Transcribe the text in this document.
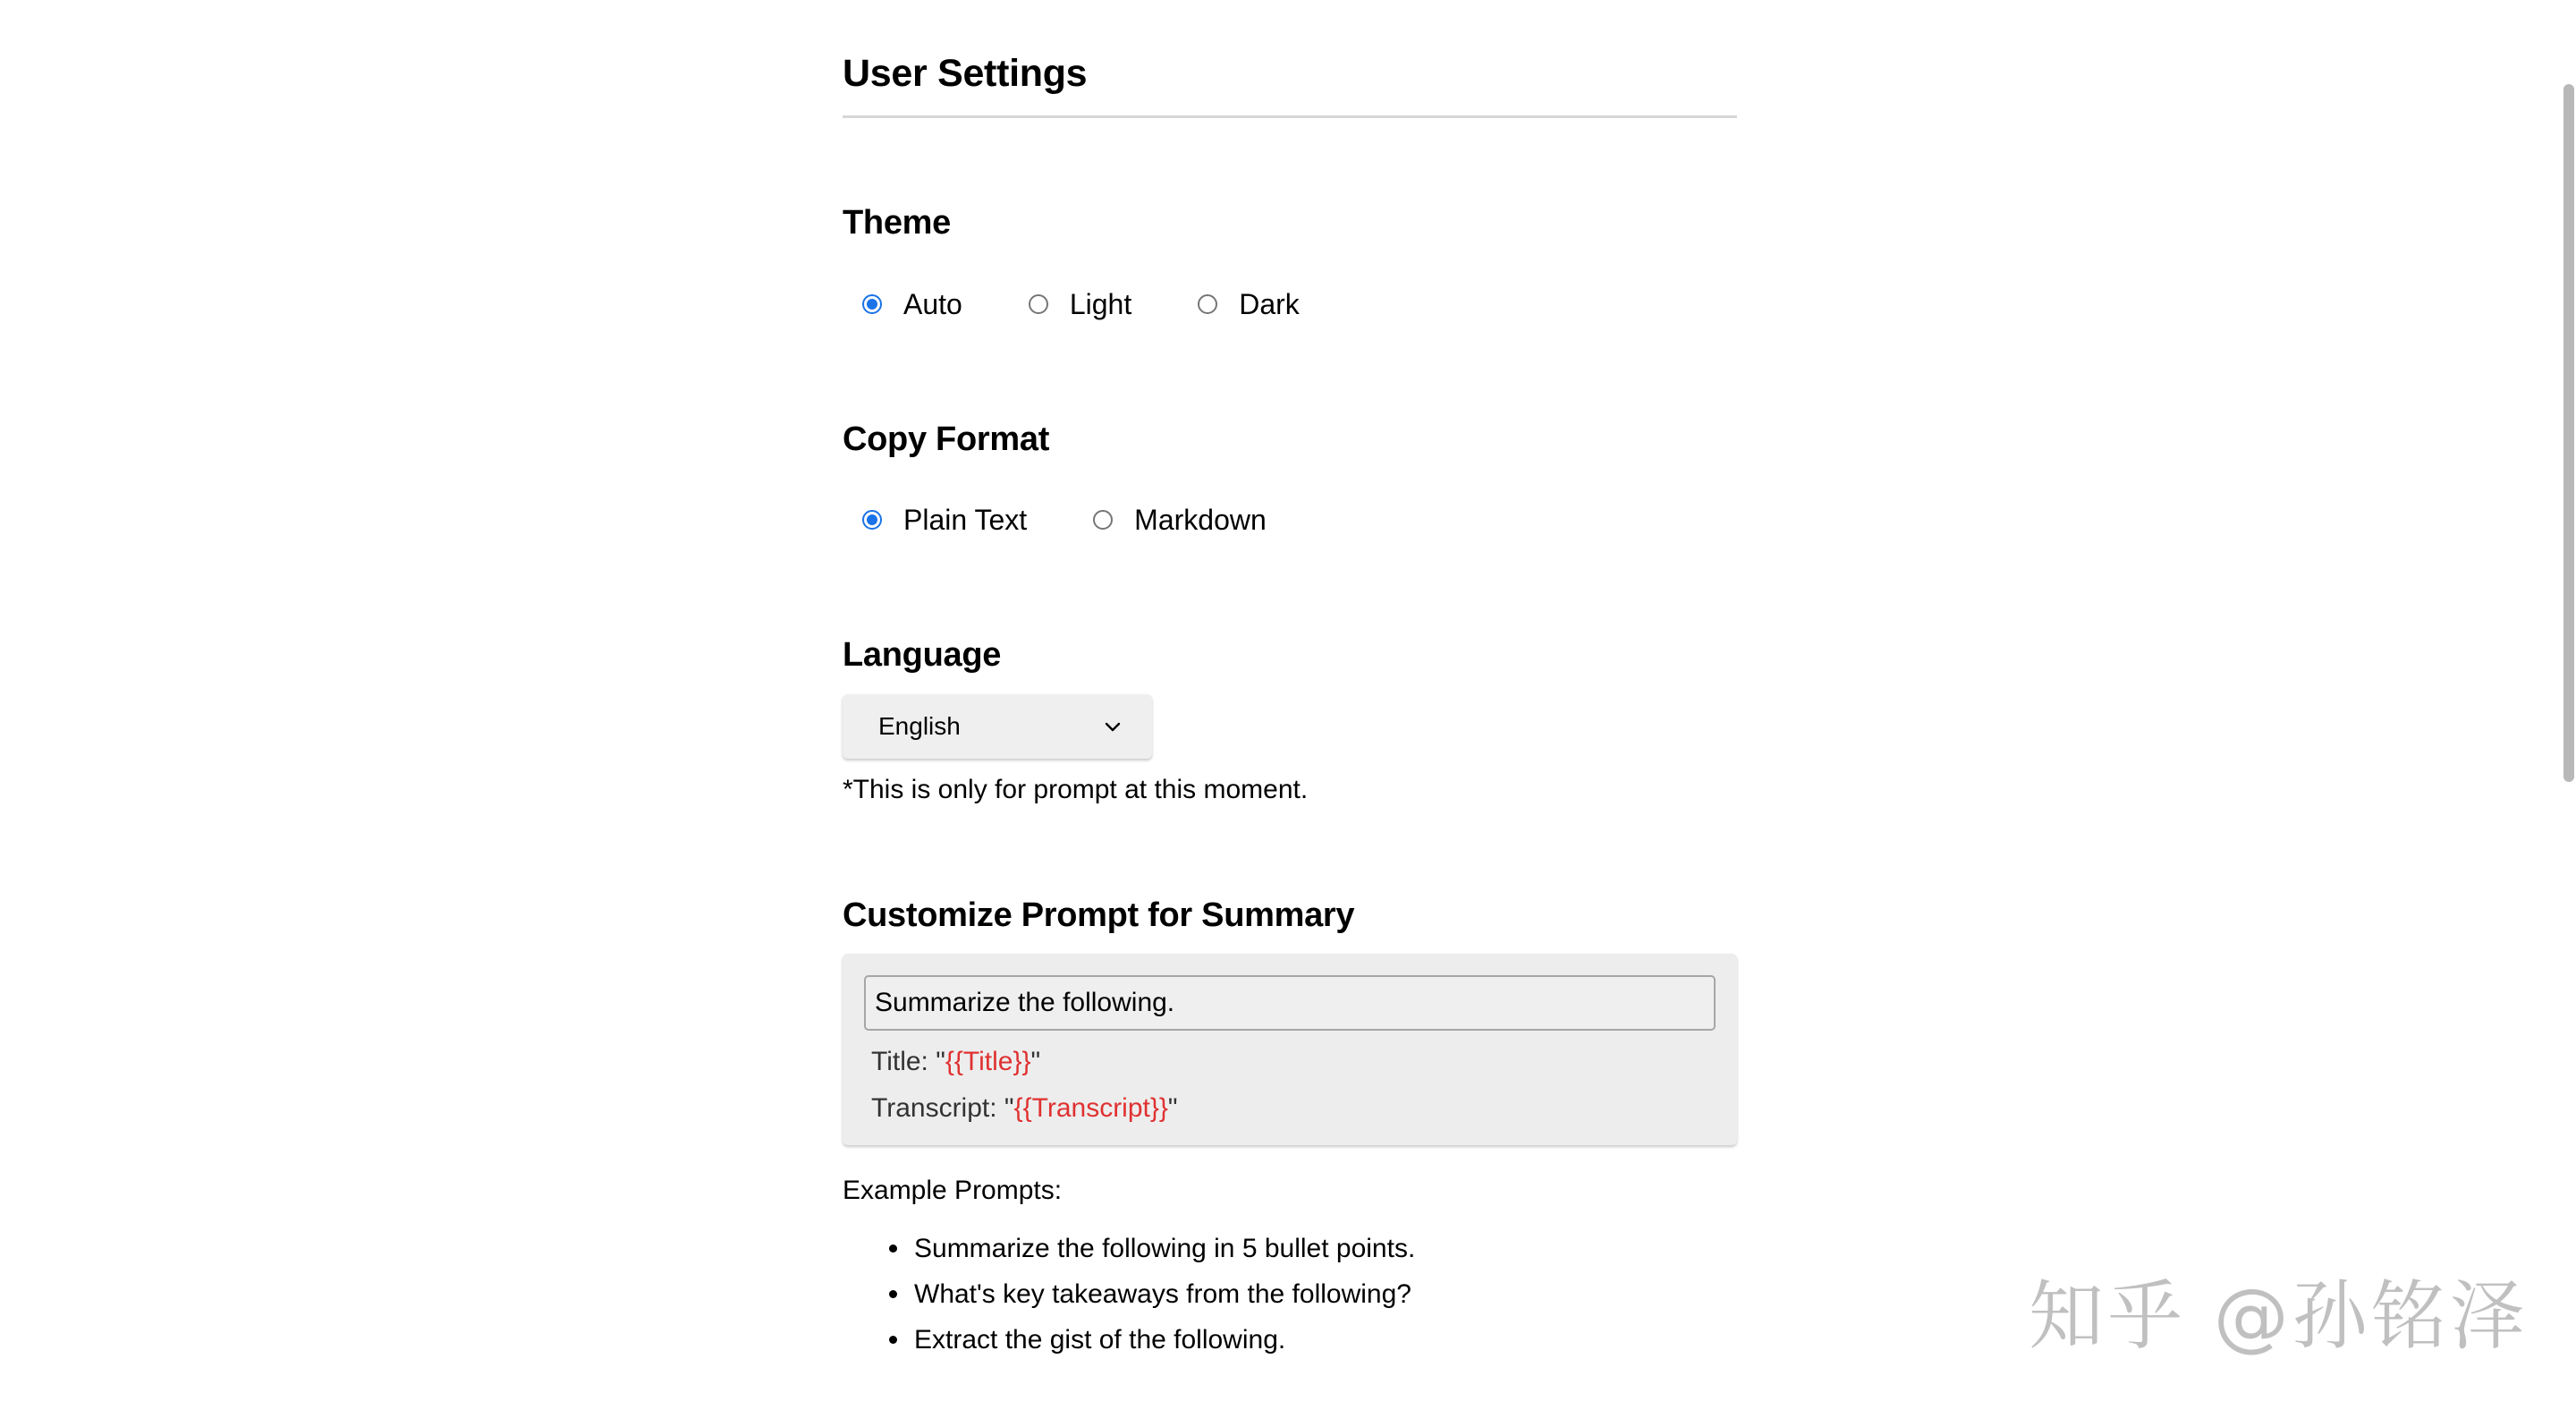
User Settings
Theme
Auto	Light	Dark
Copy Format
Plain Text	Markdown
Language
English
*This is only for prompt at this moment.
Customize Prompt for Summary
Summarize the following.
Title: "{{Title}}"
Transcript: "{{Transcript}}"
Example Prompts:
Summarize the following in 5 bullet points.
What's key takeaways from the following?
Extract the gist of the following.	知乎 @孙铭泽
